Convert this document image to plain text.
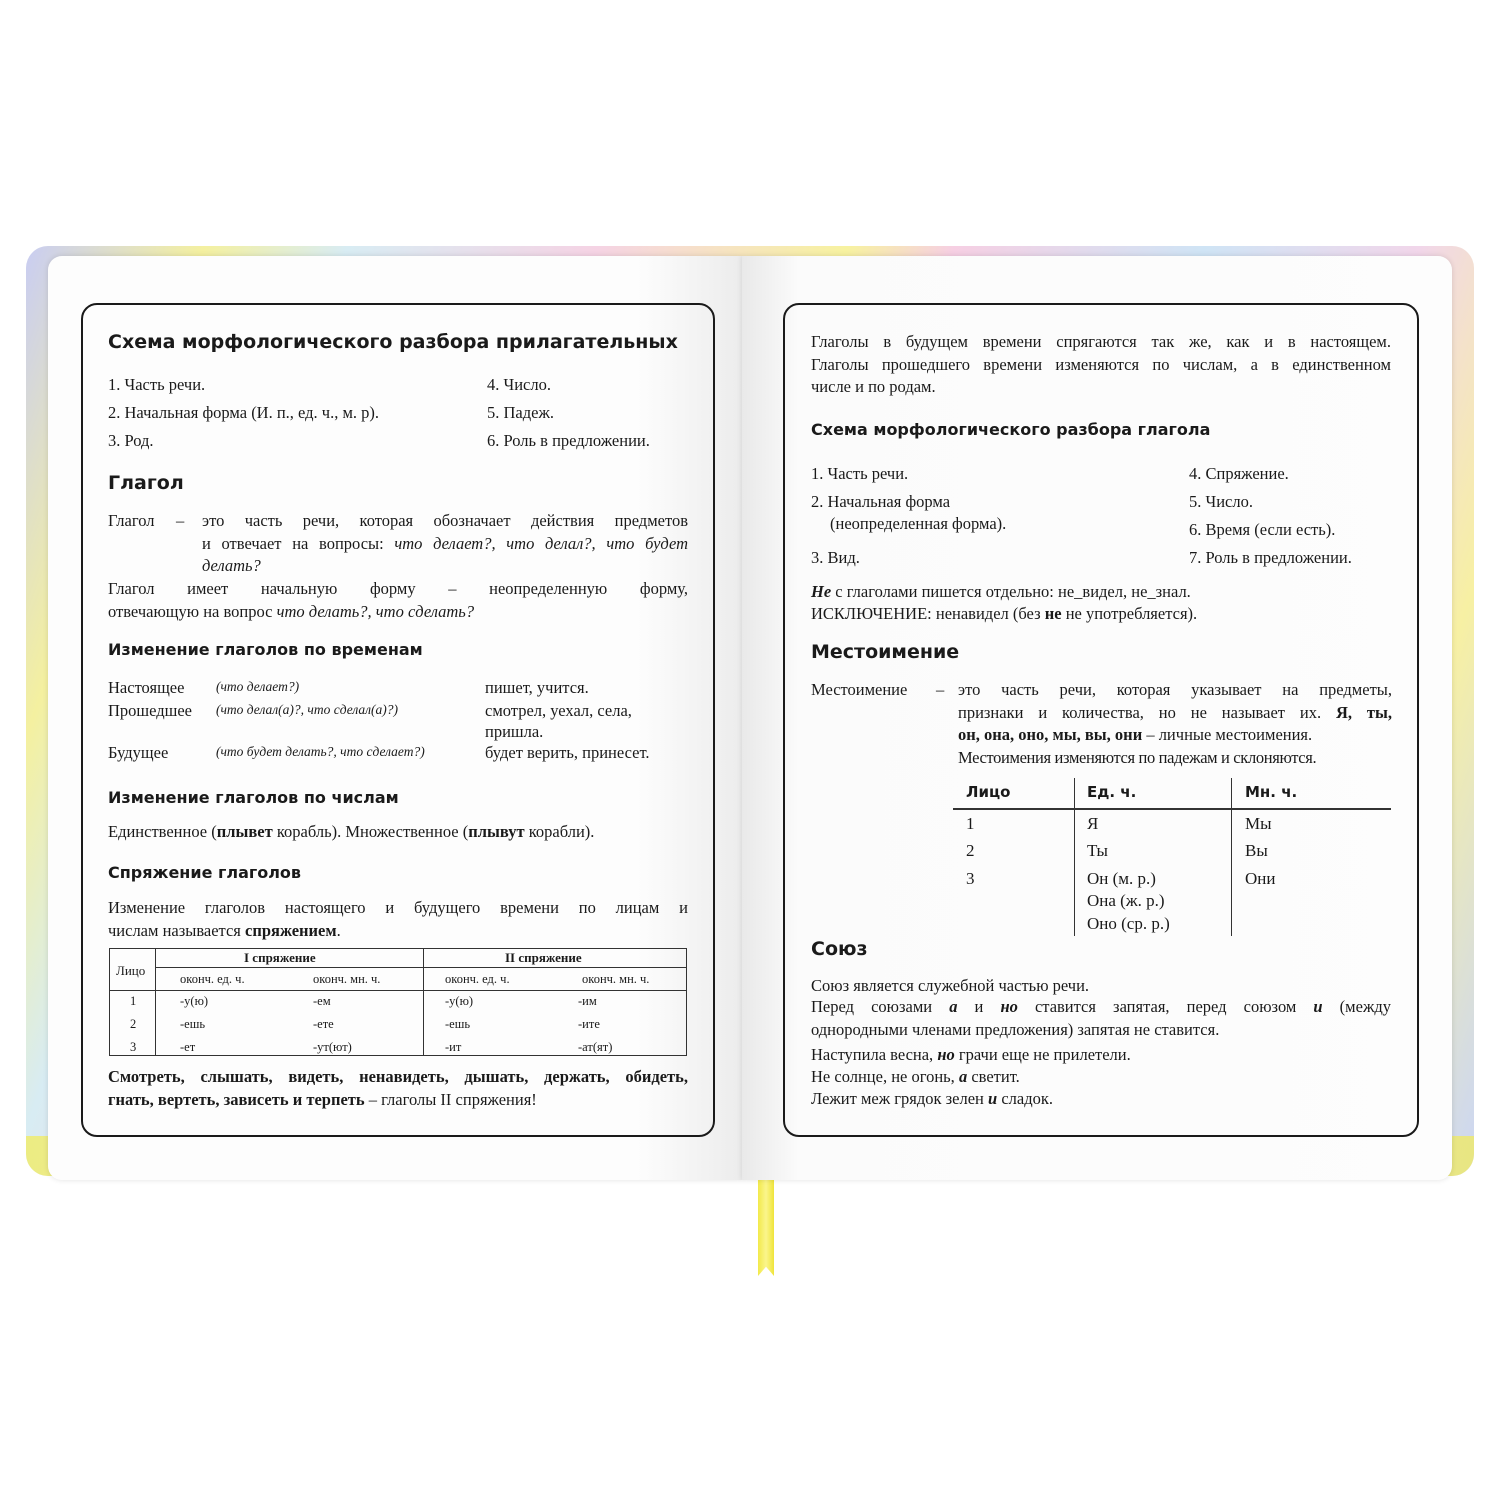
Схема морфологического разбора прилагательных
1. Часть речи.
2. Начальная форма (И. п., ед. ч., м. р).
3. Род.
4. Число.
5. Падеж.
6. Роль в предложении.
Глагол
Глагол – это часть речи, которая обозначает действия предметов
и отвечает на вопросы: что делает?, что делал?, что будет
делать?
Глагол имеет начальную форму – неопределенную форму,
отвечающую на вопрос что делать?, что сделать?
Изменение глаголов по временам
Настоящее (что делает?)	пишет, учится.
Прошедшее (что делал(а)?, что сделал(а)?)	смотрел, уехал, села,
пришла.
Будущее	(что будет делать?, что сделает?)	будет верить, принесет.
Изменение глаголов по числам
Единственное (плывет корабль). Множественное (плывут корабли).
Спряжение глаголов
Изменение глаголов настоящего и будущего времени по лицам и
числам называется спряжением.
Лицо
I спряжение	II спряжение
оконч. ед. ч.	оконч. мн. ч.	оконч. ед. ч.	оконч. мн. ч.
1	-у(ю)	-ем	-у(ю)	-им
2	-ешь	-ете	-ешь	-ите
3	-ет	-ут(ют)	-ит	-ат(ят)
Смотреть, слышать, видеть, ненавидеть, дышать, держать, обидеть,
гнать, вертеть, зависеть и терпеть – глаголы II спряжения!
Глаголы в будущем времени спрягаются так же, как и в настоящем.
Глаголы прошедшего времени изменяются по числам, а в единственном
числе и по родам.
Схема морфологического разбора глагола
1. Часть речи.
2. Начальная форма
(неопределенная форма).
3. Вид.
4. Спряжение.
5. Число.
6. Время (если есть).
7. Роль в предложении.
Не с глаголами пишется отдельно: не_видел, не_знал.
ИСКЛЮЧЕНИЕ: ненавидел (без не не употребляется).
Местоимение
Местоимение – это часть речи, которая указывает на предметы,
признаки и количества, но не называет их. Я, ты,
он, она, оно, мы, вы, они – личные местоимения.
Местоимения изменяются по падежам и склоняются.
Лицо	Ед. ч.	Мн. ч.
1	Я	Мы
2	Ты	Вы
3	Он (м. р.)	Они
Она (ж. р.)
Оно (ср. р.)
Союз
Союз является служебной частью речи.
Перед союзами а и но ставится запятая, перед союзом и (между
однородными членами предложения) запятая не ставится.
Наступила весна, но грачи еще не прилетели.
Не солнце, не огонь, а светит.
Лежит меж грядок зелен и сладок.
